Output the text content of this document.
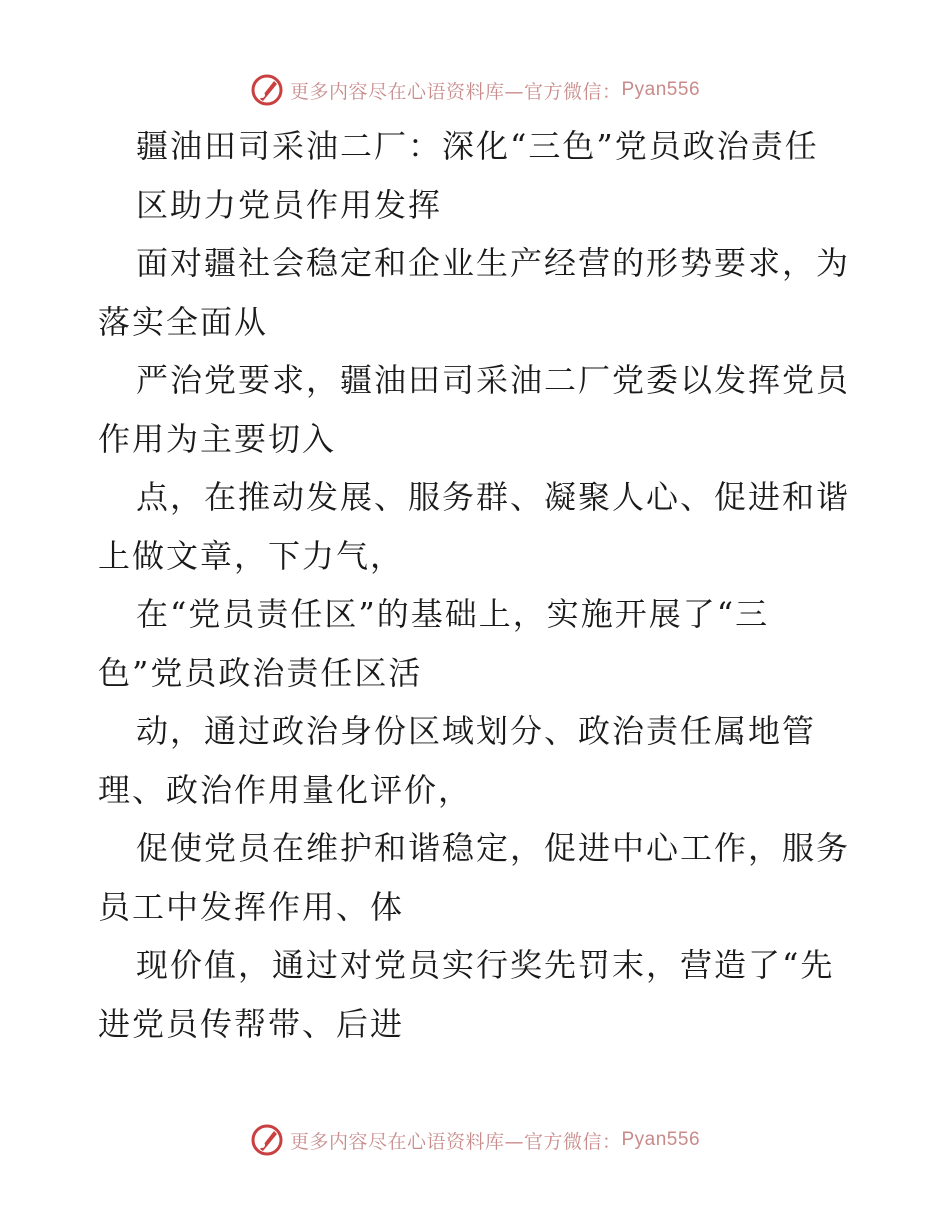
更多内容尽在心语资料库—官方微信： Pyan556
疆油田司采油二厂：深化“三色”党员政治责任
区助力党员作用发挥
面对疆社会稳定和企业生产经营的形势要求，为
落实全面从
严治党要求，疆油田司采油二厂党委以发挥党员
作用为主要切入
点，在推动发展、服务群、凝聚人心、促进和谐
上做文章，下力气，
在“党员责任区”的基础上，实施开展了“三
色”党员政治责任区活
动，通过政治身份区域划分、政治责任属地管
理、政治作用量化评价，
促使党员在维护和谐稳定，促进中心工作，服务
员工中发挥作用、体
现价值，通过对党员实行奖先罚末，营造了“先
进党员传帮带、后进
更多内容尽在心语资料库—官方微信： Pyan556
